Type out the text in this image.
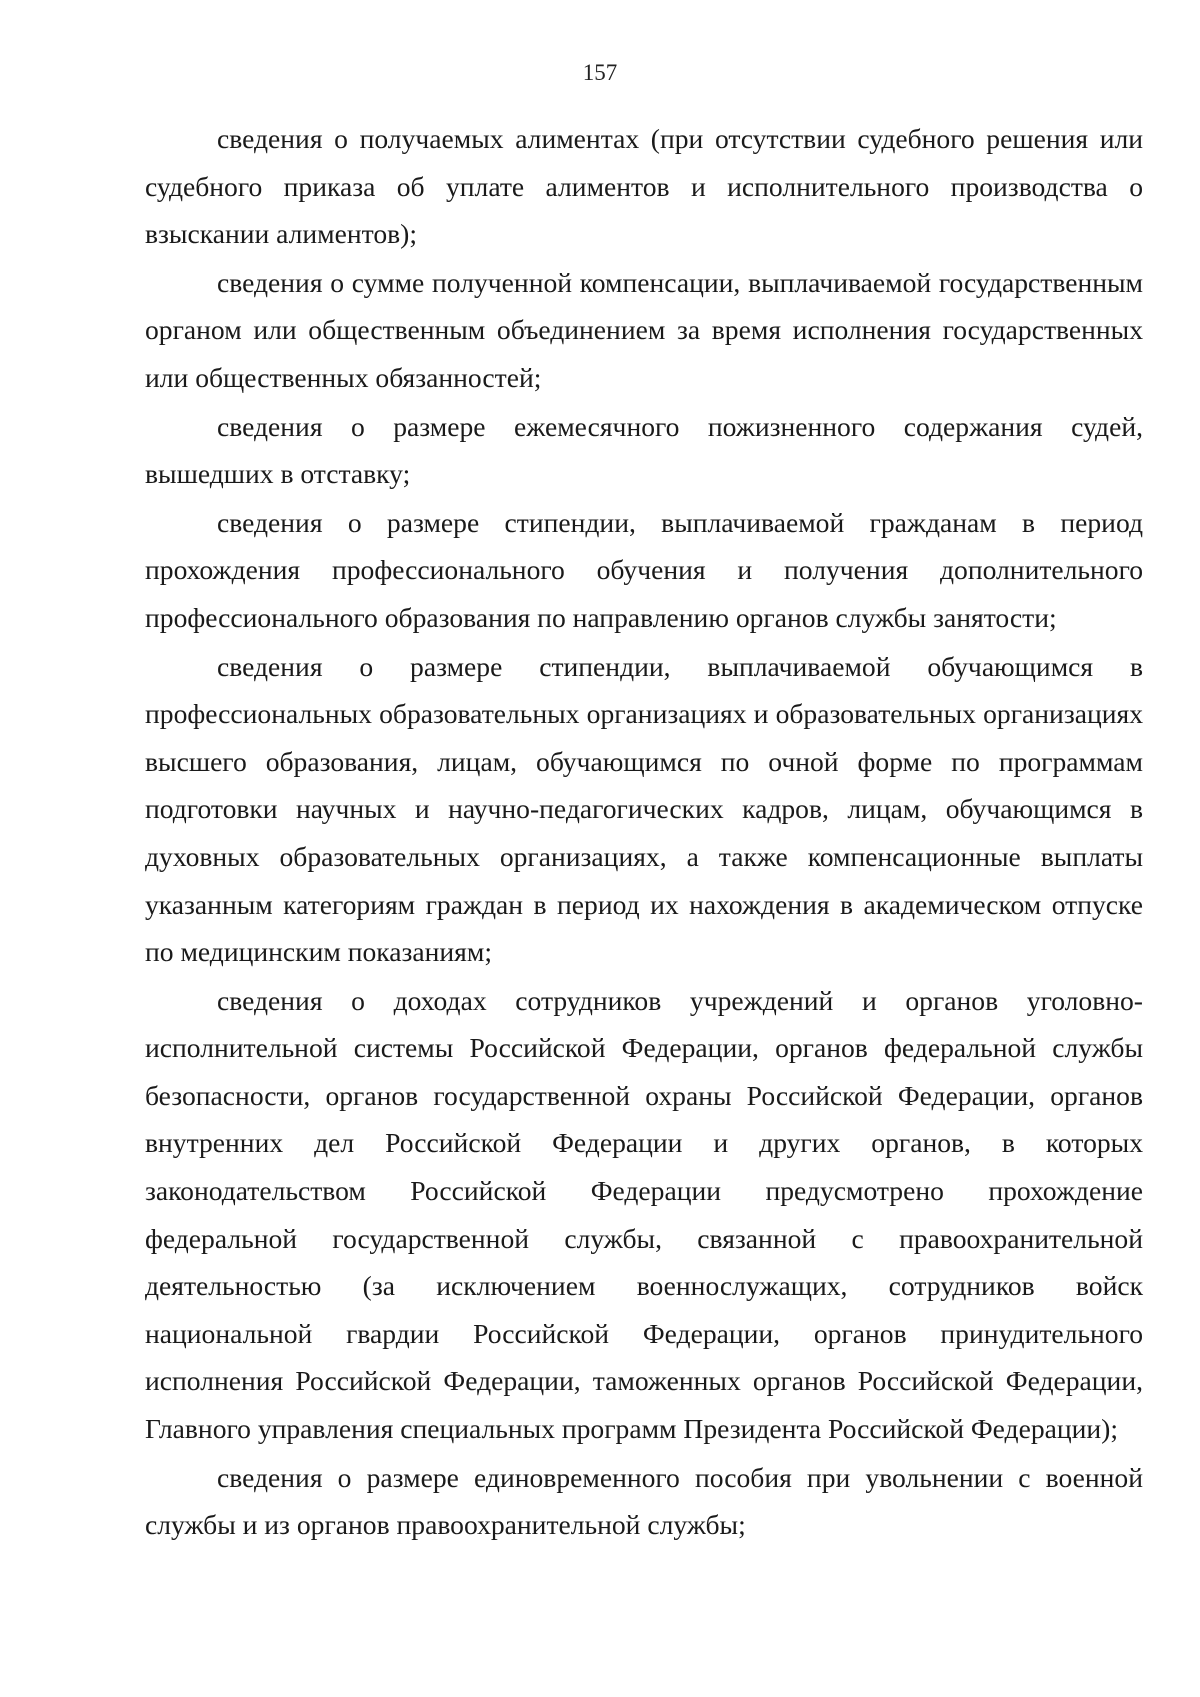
157

сведения о получаемых алиментах (при отсутствии судебного решения или судебного приказа об уплате алиментов и исполнительного производства о взыскании алиментов);

сведения о сумме полученной компенсации, выплачиваемой государственным органом или общественным объединением за время исполнения государственных или общественных обязанностей;

сведения о размере ежемесячного пожизненного содержания судей, вышедших в отставку;

сведения о размере стипендии, выплачиваемой гражданам в период прохождения профессионального обучения и получения дополнительного профессионального образования по направлению органов службы занятости;

сведения о размере стипендии, выплачиваемой обучающимся в профессиональных образовательных организациях и образовательных организациях высшего образования, лицам, обучающимся по очной форме по программам подготовки научных и научно-педагогических кадров, лицам, обучающимся в духовных образовательных организациях, а также компенсационные выплаты указанным категориям граждан в период их нахождения в академическом отпуске по медицинским показаниям;

сведения о доходах сотрудников учреждений и органов уголовно-исполнительной системы Российской Федерации, органов федеральной службы безопасности, органов государственной охраны Российской Федерации, органов внутренних дел Российской Федерации и других органов, в которых законодательством Российской Федерации предусмотрено прохождение федеральной государственной службы, связанной с правоохранительной деятельностью (за исключением военнослужащих, сотрудников войск национальной гвардии Российской Федерации, органов принудительного исполнения Российской Федерации, таможенных органов Российской Федерации, Главного управления специальных программ Президента Российской Федерации);

сведения о размере единовременного пособия при увольнении с военной службы и из органов правоохранительной службы;
